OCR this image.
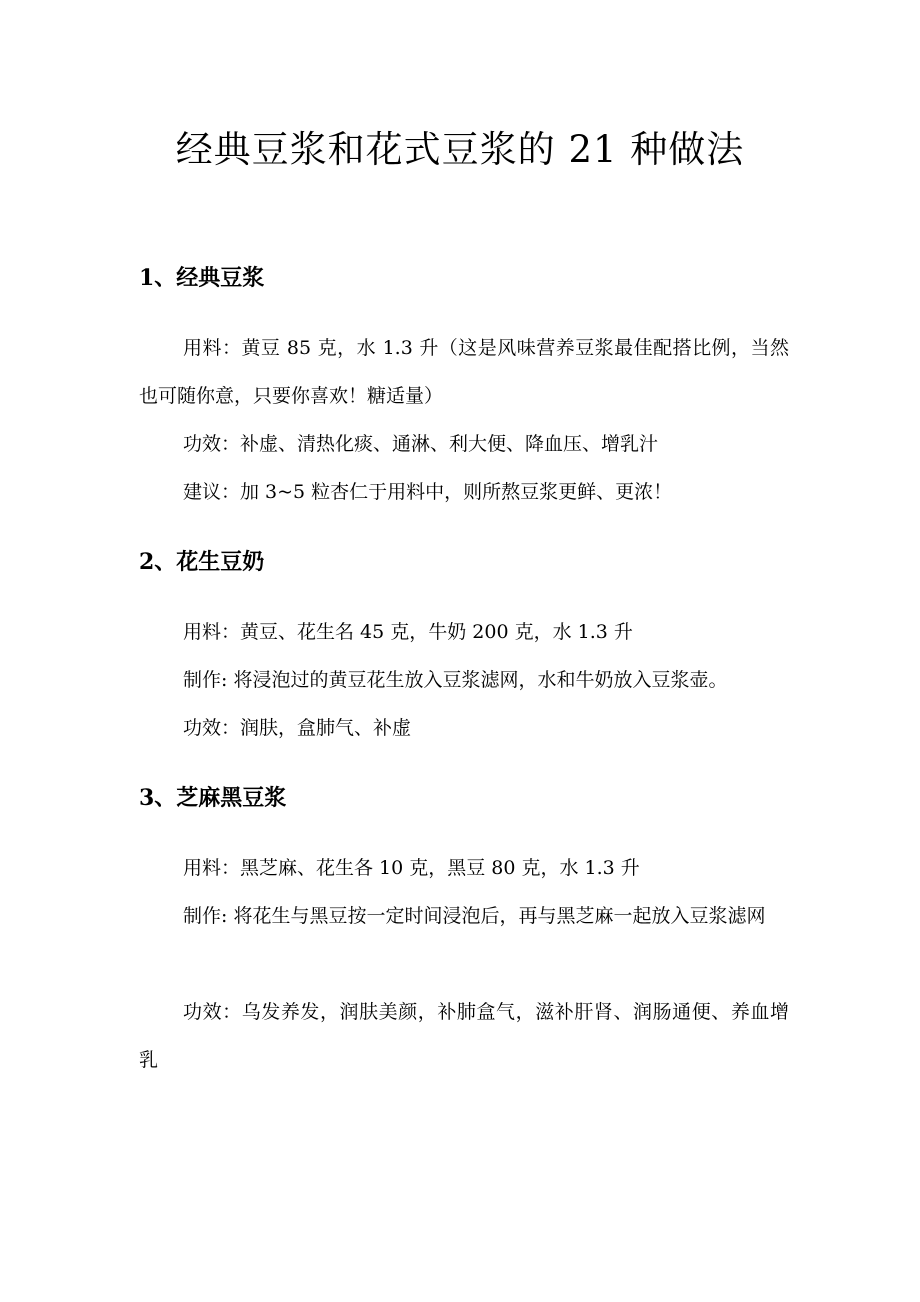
经典豆浆和花式豆浆的 21 种做法
1、经典豆浆

用料：黄豆 85 克，水 1.3 升（这是风味营养豆浆最佳配搭比例，当然也可随你意，只要你喜欢！糖适量）

功效：补虚、清热化痰、通淋、利大便、降血压、增乳汁

建议：加 3~5 粒杏仁于用料中，则所熬豆浆更鲜、更浓！

2、花生豆奶

用料：黄豆、花生名 45 克，牛奶 200 克，水 1.3 升

制作: 将浸泡过的黄豆花生放入豆浆滤网，水和牛奶放入豆浆壶。

功效：润肤，盒肺气、补虚

3、芝麻黑豆浆

用料：黑芝麻、花生各 10 克，黑豆 80 克，水 1.3 升

制作: 将花生与黑豆按一定时间浸泡后，再与黑芝麻一起放入豆浆滤网

功效：乌发养发，润肤美颜，补肺盒气，滋补肝肾、润肠通便、养血增乳
